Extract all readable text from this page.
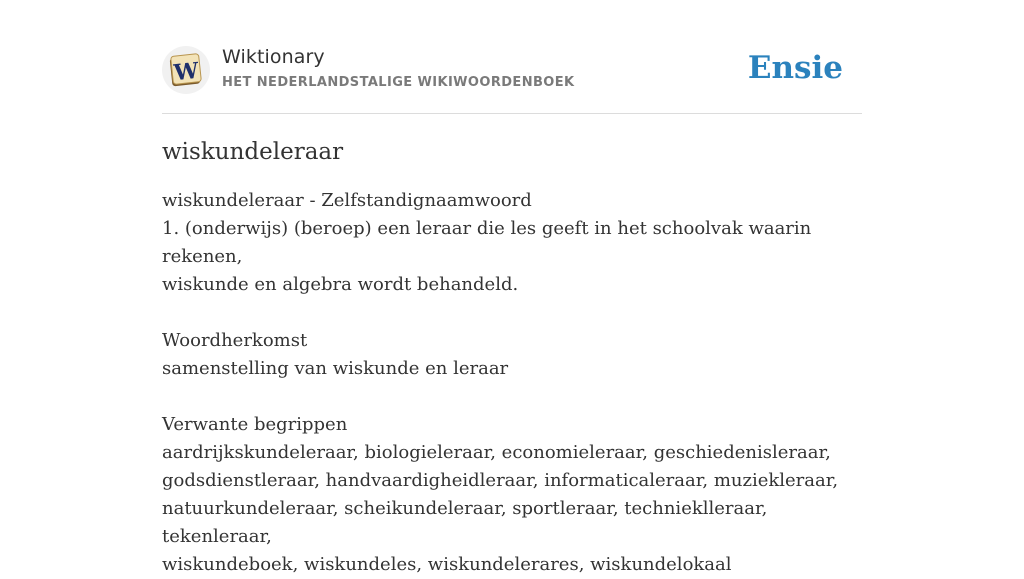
W
Wiktionary
HET NEDERLANDSTALIGE WIKIWOORDENBOEK	Ensie
wiskundeleraar

wiskundeleraar - Zelfstandignaamwoord

1. (onderwijs) (beroep) een leraar die les geeft in het schoolvak waarin rekenen,

wiskunde en algebra wordt behandeld.

Woordherkomst

samenstelling van wiskunde en leraar

Verwante begrippen

aardrijkskundeleraar, biologieleraar, economieleraar, geschiedenisleraar,

godsdienstleraar, handvaardigheidleraar, informaticaleraar, muziekleraar,

natuurkundeleraar, scheikundeleraar, sportleraar, technieklleraar, tekenleraar,

wiskundeboek, wiskundeles, wiskundelerares, wiskundelokaal
